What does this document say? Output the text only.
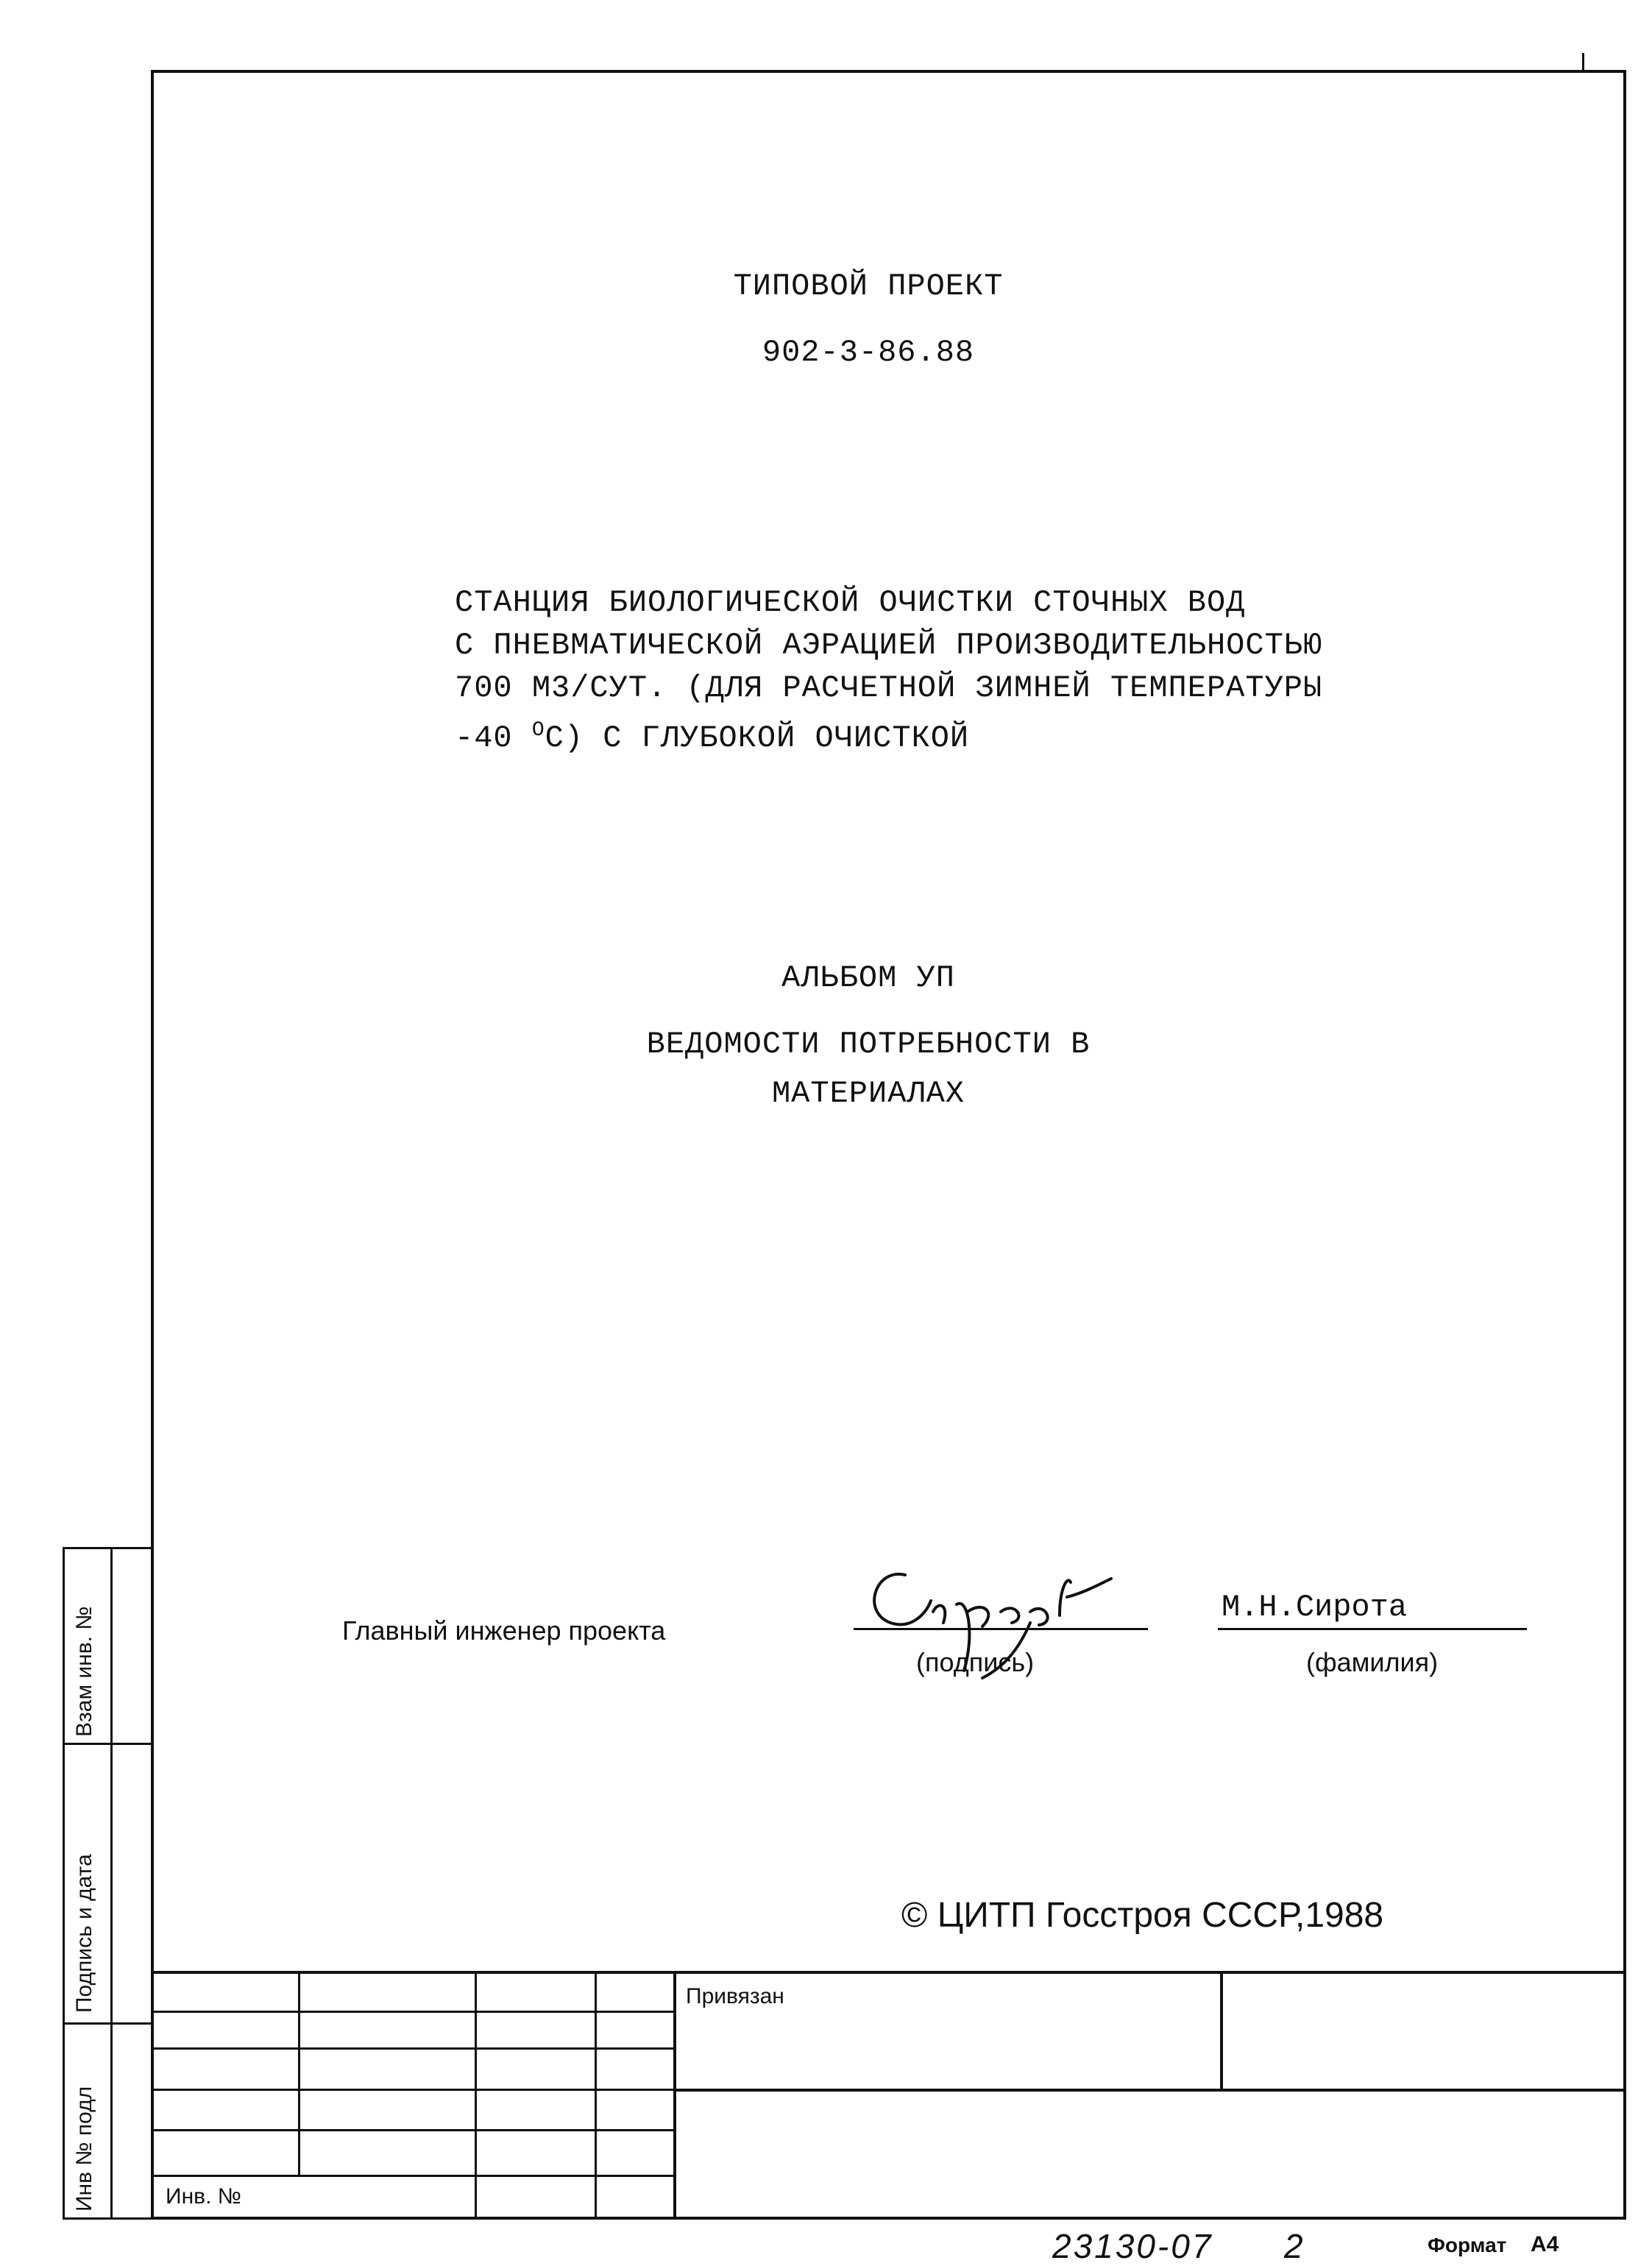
ТИПОВОЙ ПРОЕКТ
902-3-86.88
СТАНЦИЯ БИОЛОГИЧЕСКОЙ ОЧИСТКИ СТОЧНЫХ ВОД
С ПНЕВМАТИЧЕСКОЙ АЭРАЦИЕЙ ПРОИЗВОДИТЕЛЬНОСТЬЮ
700 М3/СУТ. (ДЛЯ РАСЧЕТНОЙ ЗИМНЕЙ ТЕМПЕРАТУРЫ
-40 $^О$С) С ГЛУБОКОЙ ОЧИСТКОЙ
АЛЬБОМ УП
ВЕДОМОСТИ ПОТРЕБНОСТИ В
МАТЕРИАЛАХ
Главный инженер проекта
(подпись)
М.Н.Сирота
(фамилия)
© ЦИТП Госстроя СССР,1988
Привязан
Инв. №
Взам инв. №
Подпись и дата
Инв № подл
23130-07 2	Формат А4
